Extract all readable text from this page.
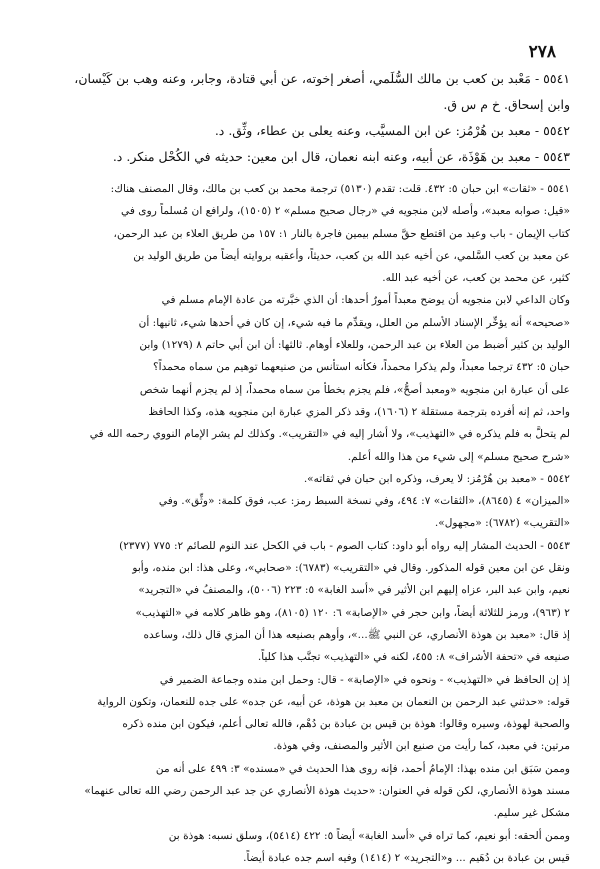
٢٧٨
٥٥٤١ - مَعْبد بن كعب بن مالك السُّلَمي، أصغر إخوته، عن أبي قتادة، وجابر، وعنه وهب بن كَيْسان،
وابن إسحاق. خ م س ق.
٥٥٤٢ - معبد بن هُرْمُز: عن ابن المسيَّب، وعنه يعلى بن عطاء، وثِّق. د.
٥٥٤٣ - معبد بن هَوْذَة، عن أبيه، وعنه ابنه نعمان، قال ابن معين: حديثه في الكُحْل منكر. د.
٥٥٤١ - «ثقات» ابن حبان ٥: ٤٣٢. قلت: تقدم (٥١٣٠) ترجمة محمد بن كعب بن مالك، وقال المصنف هناك:
«قيل: صوابه معبد»، وأصله لابن منجويه في «رجال صحيح مسلم» ٢ (١٥٠٥)، ولرافع ان مُسلماً روى في
كتاب الإيمان - باب وعيد من اقتطع حقَّ مسلم بيمين فاجرة بالنار ١: ١٥٧ من طريق العلاء بن عبد الرحمن،
عن معبد بن كعب السَّلمي، عن أخيه عبد الله بن كعب، حديثاً، وأعقبه بروايته أيضاً من طريق الوليد بن
كثير، عن محمد بن كعب، عن أخيه عبد الله.
وكان الداعي لابن منجويه أن يوضح معبداً أمورٌ أحدها: أن الذي خبَّرته من عادة الإمام مسلم في
«صحيحه» أنه يؤخِّر الإسناد الأسلم من العلل، ويقدِّم ما فيه شيء، إن كان في أحدها شيء، ثانيها: أن
الوليد بن كثير أضبط من العلاء بن عبد الرحمن، وللعلاء أوهام. ثالثها: أن ابن أبي حاتم ٨ (١٢٧٩) وابن
حبان ٥: ٤٣٢ ترجما معبداً، ولم يذكرا محمداً، فكأنه استأنس من صنيعهما توهيم من سماه محمداً؟
على أن عبارة ابن منجويه «ومعبد أصحُّ»، فلم يجزم بخطأ من سماه محمداً، إذ لم يجزم أنهما شخص
واحد، ثم إنه أفرده بترجمة مستقلة ٢ (١٦٠٦)، وقد ذكر المزي عبارة ابن منجويه هذه، وكذا الحافظ
لم يتحلَّ به فلم يذكره في «التهذيب»، ولا أشار إليه في «التقريب». وكذلك لم يشر الإمام النووي رحمه الله في
«شرح صحيح مسلم» إلى شيء من هذا والله أعلم.
٥٥٤٢ - «معبد بن هُرْمُز: لا يعرف، وذكره ابن حبان في ثقاته».
«الميزان» ٤ (٨٦٤٥)، «الثقات» ٧: ٤٩٤، وفي نسخة السبط رمز: عب، فوق كلمة: «وثِّق». وفي
«التقريب» (٦٧٨٢): «مجهول».
٥٥٤٣ - الحديث المشار إليه رواه أبو داود: كتاب الصوم - باب في الكحل عند النوم للصائم ٢: ٧٧٥ (٢٣٧٧)
ونقل عن ابن معين قوله المذكور. وقال في «التقريب» (٦٧٨٣): «صحابي»، وعلى هذا: ابن منده، وأبو
نعيم، وابن عبد البر، عزاه إليهم ابن الأثير في «أسد الغابة» ٥: ٢٢٣ (٥٠٠٦)، والمصنفُ في «التجريد»
٢ (٩٦٣)، ورمز للثلاثة أيضاً، وابن حجر في «الإصابة» ٦: ١٢٠ (٨١٠٥)، وهو ظاهر كلامه في «التهذيب»
إذ قال: «معبد بن هوذة الأنصاري، عن النبي ﷺ...»، وأوهم بصنيعه هذا أن المزي قال ذلك، وساعده
صنيعه في «تحفة الأشراف» ٨: ٤٥٥، لكنه في «التهذيب» تجنَّب هذا كلياً.
إذ إن الحافظ في «التهذيب» - ونحوه في «الإصابة» - قال: وحمل ابن منده وجماعة الضمير في
قوله: «حدثني عبد الرحمن بن النعمان بن معبد بن هوذة، عن أبيه، عن جده» على جده للنعمان، وتكون الرواية
والصحبة لهوذة، وسيره وقالوا: هوذة بن قيس بن عبادة بن دُهْم، فالله تعالى أعلم، فيكون ابن منده ذكره
مرتين: في معبد، كما رأيت من صنيع ابن الأثير والمصنف، وفي هوذة.
وممن سَبَق ابن منده بهذا: الإمامُ أحمد، فإنه روى هذا الحديث في «مسنده» ٣: ٤٩٩ على أنه من
مسند هوذة الأنصاري، لكن قوله في العنوان: «حديث هوذة الأنصاري عن جد عبد الرحمن رضي الله تعالى عنهما»
مشكل غير سليم.
وممن ألحقه: أبو نعيم، كما تراه في «أسد الغابة» أيضاً ٥: ٤٢٢ (٥٤١٤)، وسلق نسبه: هوذة بن
قيس بن عبادة بن دُهَيم ... و«التجريد» ٢ (١٤١٤) وفيه اسم جده عبادة أيضاً.
